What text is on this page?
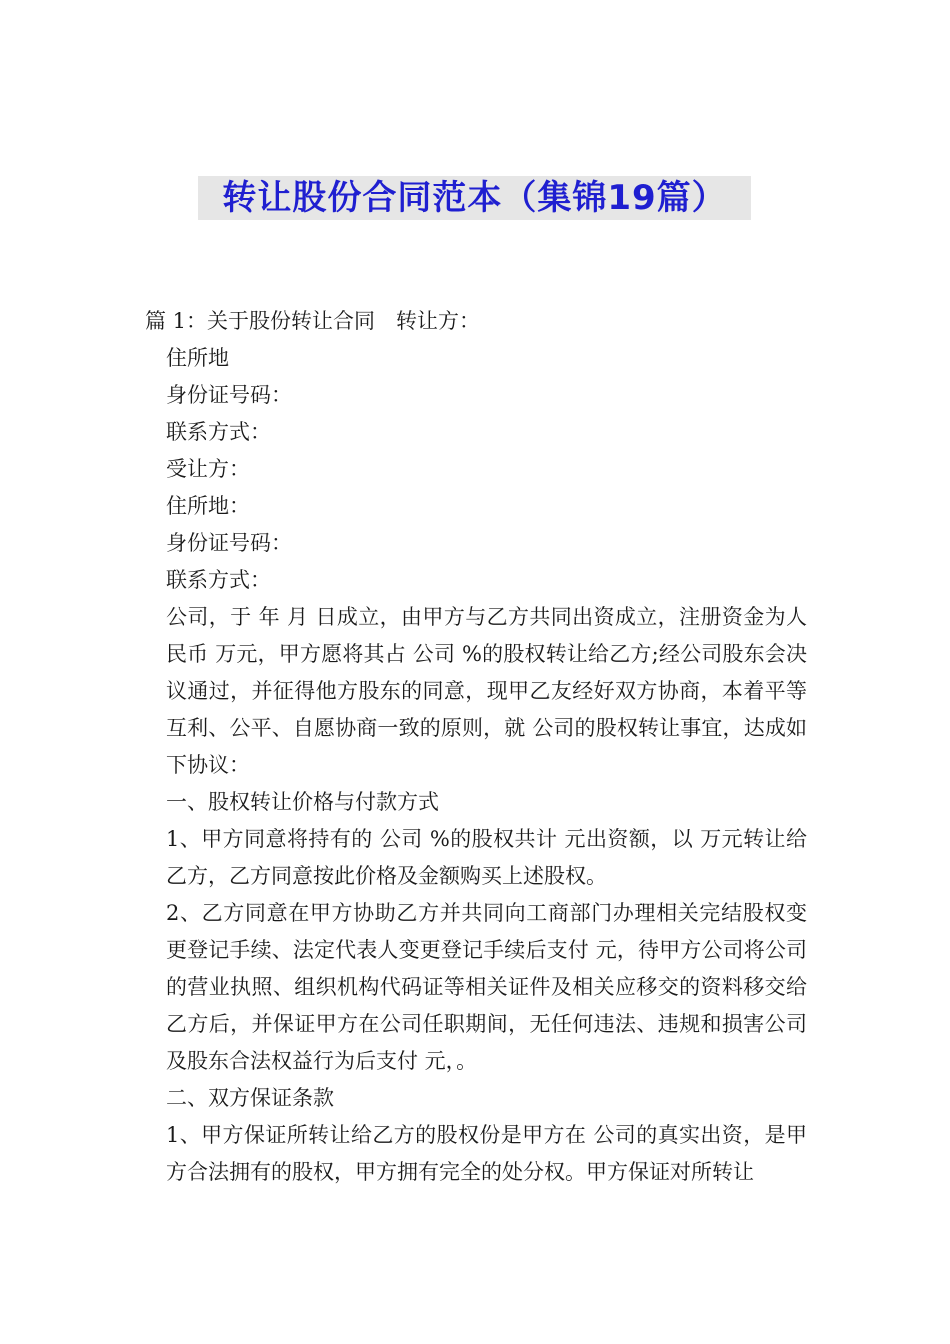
转让股份合同范本（集锦19篇）

篇 1：关于股份转让合同　转让方：

住所地

身份证号码：

联系方式：

受让方：

住所地：

身份证号码：

联系方式：

公司，于 年 月 日成立，由甲方与乙方共同出资成立，注册资金为人民币 万元，甲方愿将其占 公司 %的股权转让给乙方;经公司股东会决议通过，并征得他方股东的同意，现甲乙友经好双方协商，本着平等互利、公平、自愿协商一致的原则，就 公司的股权转让事宜，达成如下协议：

一、股权转让价格与付款方式

1、甲方同意将持有的 公司 %的股权共计 元出资额，以 万元转让给乙方，乙方同意按此价格及金额购买上述股权。

2、乙方同意在甲方协助乙方并共同向工商部门办理相关完结股权变更登记手续、法定代表人变更登记手续后支付 元，待甲方公司将公司的营业执照、组织机构代码证等相关证件及相关应移交的资料移交给乙方后，并保证甲方在公司任职期间，无任何违法、违规和损害公司及股东合法权益行为后支付 元，。

二、双方保证条款

1、甲方保证所转让给乙方的股权份是甲方在 公司的真实出资，是甲方合法拥有的股权，甲方拥有完全的处分权。甲方保证对所转让
